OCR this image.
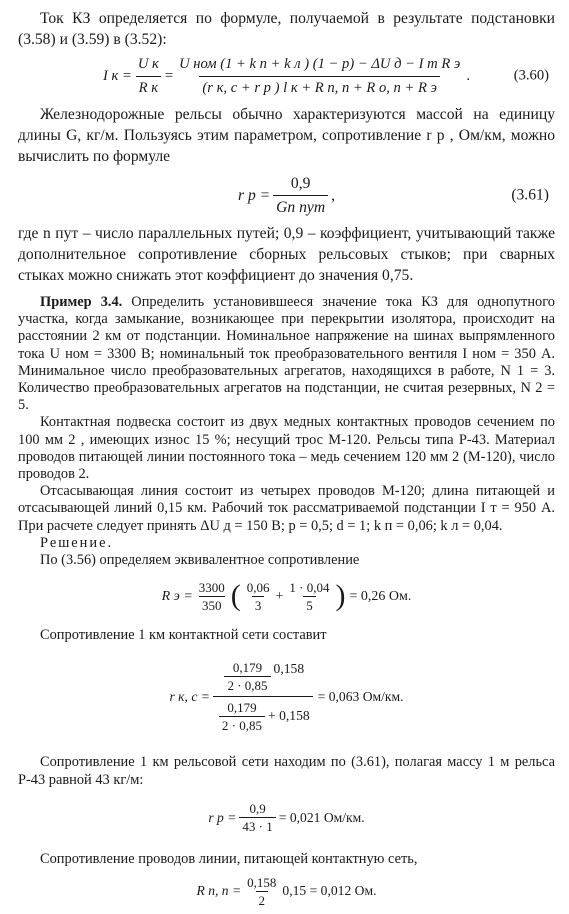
Ток КЗ определяется по формуле, получаемой в результате подстановки (3.58) и (3.59) в (3.52):

I $к = \frac{\text{U к}}{\text{R к}} = \frac{\text{U ном (1 + k п + k л ) (1 − p) − ΔU д − I т R э}}{\text{(r к, с + r р ) l к + R п, п + R о, п + R э}}$ .	(3.60)

Железнодорожные рельсы обычно характеризуются массой на единицу длины G, кг/м. Пользуясь этим параметром, сопротивление r р , Ом/км, можно вычислить по формуле

r $р = \frac{0,9}{\text{Gn пут}}$ ,	(3.61)

где n пут – число параллельных путей; 0,9 – коэффициент, учитывающий также дополнительное сопротивление сборных рельсовых стыков; при сварных стыках можно снижать этот коэффициент до значения 0,75.

Пример 3.4. Определить установившееся значение тока КЗ для однопутного участка, когда замыкание, возникающее при перекрытии изолятора, происходит на расстоянии 2 км от подстанции. Номинальное напряжение на шинах выпрямленного тока U ном = 3300 В; номинальный ток преобразовательного вентиля I ном = 350 А. Минимальное число преобразовательных агрегатов, находящихся в работе, N 1 = 3. Количество преобразовательных агрегатов на подстанции, не считая резервных, N 2 = 5.

Контактная подвеска состоит из двух медных контактных проводов сечением по 100 мм 2 , имеющих износ 15 %; несущий трос М-120. Рельсы типа Р-43. Материал проводов питающей линии постоянного тока – медь сечением 120 мм 2 (М-120), число проводов 2.

Отсасывающая линия состоит из четырех проводов М-120; длина питающей и отсасывающей линий 0,15 км. Рабочий ток рассматриваемой подстанции I т = 950 А. При расчете следует принять ΔU д = 150 В; p = 0,5; d = 1; k п = 0,06; k л = 0,04.

Решение.

По (3.56) определяем эквивалентное сопротивление

R $э = \frac{3300}{350}$ ( $\frac{0,06}{3} + \frac{1 \cdot 0,04}{5}$ ) = 0,26 Ом.

Сопротивление 1 км контактной сети составит

r к, $с = \frac{\frac{0,179}{2 \cdot 0,85} 0,158}{\frac{0,179}{2 \cdot 0,85} + 0,158} = 0,063$ Ом/км.

Сопротивление 1 км рельсовой сети находим по (3.61), полагая массу 1 м рельса Р-43 равной 43 кг/м:

r $р = \frac{0,9}{43 \cdot 1} = 0,021$ Ом/км.

Сопротивление проводов линии, питающей контактную сеть,

R п, $п = \frac{0,158}{2} 0,15 = 0,012$ Ом.
